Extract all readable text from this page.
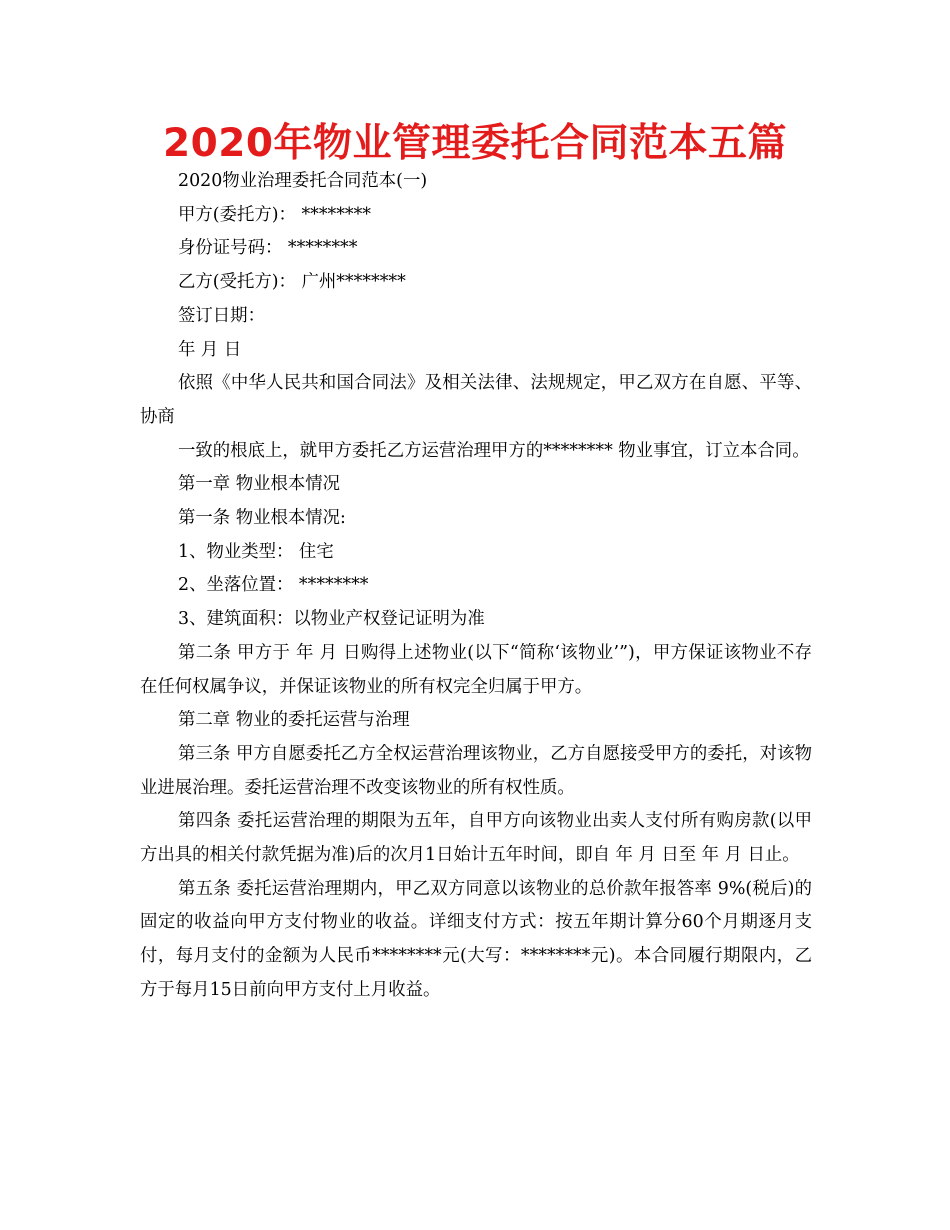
2020年物业管理委托合同范本五篇

2020物业治理委托合同范本(一)

甲方(委托方)： ********

身份证号码： ********

乙方(受托方)： 广州********

签订日期：

年 月 日

依照《中华人民共和国合同法》及相关法律、法规规定，甲乙双方在自愿、平等、协商

一致的根底上，就甲方委托乙方运营治理甲方的******** 物业事宜，订立本合同。

第一章 物业根本情况

第一条 物业根本情况:

1、物业类型： 住宅

2、坐落位置： ********

3、建筑面积：以物业产权登记证明为准

第二条 甲方于 年 月 日购得上述物业(以下“简称‘该物业’”)，甲方保证该物业不存在任何权属争议，并保证该物业的所有权完全归属于甲方。

第二章 物业的委托运营与治理

第三条 甲方自愿委托乙方全权运营治理该物业，乙方自愿接受甲方的委托，对该物业进展治理。委托运营治理不改变该物业的所有权性质。

第四条 委托运营治理的期限为五年，自甲方向该物业出卖人支付所有购房款(以甲方出具的相关付款凭据为准)后的次月1日始计五年时间，即自 年 月 日至 年 月 日止。

第五条 委托运营治理期内，甲乙双方同意以该物业的总价款年报答率 9%(税后)的固定的收益向甲方支付物业的收益。详细支付方式：按五年期计算分60个月期逐月支付，每月支付的金额为人民币********元(大写：********元)。本合同履行期限内，乙方于每月15日前向甲方支付上月收益。
